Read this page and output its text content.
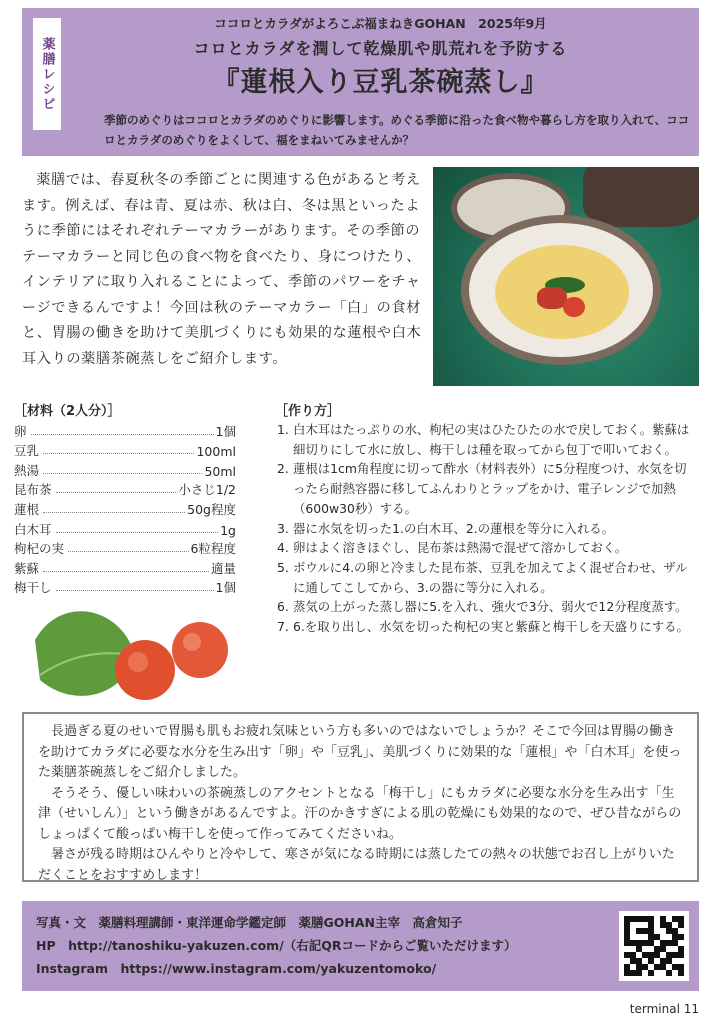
薬膳レシピ
ココロとカラダがよろこぶ福まねきGOHAN　2025年9月
コロとカラダを潤して乾燥肌や肌荒れを予防する
『蓮根入り豆乳茶碗蒸し』
季節のめぐりはココロとカラダのめぐりに影響します。めぐる季節に沿った食べ物や暮らし方を取り入れて、ココロとカラダのめぐりをよくして、福をまねいてみませんか？
薬膳では、春夏秋冬の季節ごとに関連する色があると考えます。例えば、春は青、夏は赤、秋は白、冬は黒といったように季節にはそれぞれテーマカラーがあります。その季節のテーマカラーと同じ色の食べ物を食べたり、身につけたり、インテリアに取り入れることによって、季節のパワーをチャージできるんですよ！今回は秋のテーマカラー「白」の食材と、胃腸の働きを助けて美肌づくりにも効果的な蓮根や白木耳入りの薬膳茶碗蒸しをご紹介します。
［材料（2人分）］
卵	1個
豆乳	100ml
熱湯	50ml
昆布茶	小さじ1/2
蓮根	50g程度
白木耳	1g
枸杞の実	6粒程度
紫蘇	適量
梅干し	1個
［作り方］
1. 白木耳はたっぷりの水、枸杞の実はひたひたの水で戻しておく。紫蘇は細切りにして水に放し、梅干しは種を取ってから包丁で叩いておく。
2. 蓮根は1cm角程度に切って酢水（材料表外）に5分程度つけ、水気を切ったら耐熱容器に移してふんわりとラップをかけ、電子レンジで加熱（600w30秒）する。
3. 器に水気を切った1.の白木耳、2.の蓮根を等分に入れる。
4. 卵はよく溶きほぐし、昆布茶は熱湯で混ぜて溶かしておく。
5. ボウルに4.の卵と冷ました昆布茶、豆乳を加えてよく混ぜ合わせ、ザルに通してこしてから、3.の器に等分に入れる。
6. 蒸気の上がった蒸し器に5.を入れ、強火で3分、弱火で12分程度蒸す。
7. 6.を取り出し、水気を切った枸杞の実と紫蘇と梅干しを天盛りにする。

長過ぎる夏のせいで胃腸も肌もお疲れ気味という方も多いのではないでしょうか？そこで今回は胃腸の働きを助けてカラダに必要な水分を生み出す「卵」や「豆乳」、美肌づくりに効果的な「蓮根」や「白木耳」を使った薬膳茶碗蒸しをご紹介しました。

そうそう、優しい味わいの茶碗蒸しのアクセントとなる「梅干し」にもカラダに必要な水分を生み出す「生津（せいしん）」という働きがあるんですよ。汗のかきすぎによる肌の乾燥にも効果的なので、ぜひ昔ながらのしょっぱくて酸っぱい梅干しを使って作ってみてくださいね。

暑さが残る時期はひんやりと冷やして、寒さが気になる時期には蒸したての熱々の状態でお召し上がりいただくことをおすすめします！

写真・文　薬膳料理講師・東洋運命学鑑定師　薬膳GOHAN主宰　高倉知子
HP　http://tanoshiku-yakuzen.com/（右記QRコードからご覧いただけます）
Instagram　https://www.instagram.com/yakuzentomoko/
terminal 11
